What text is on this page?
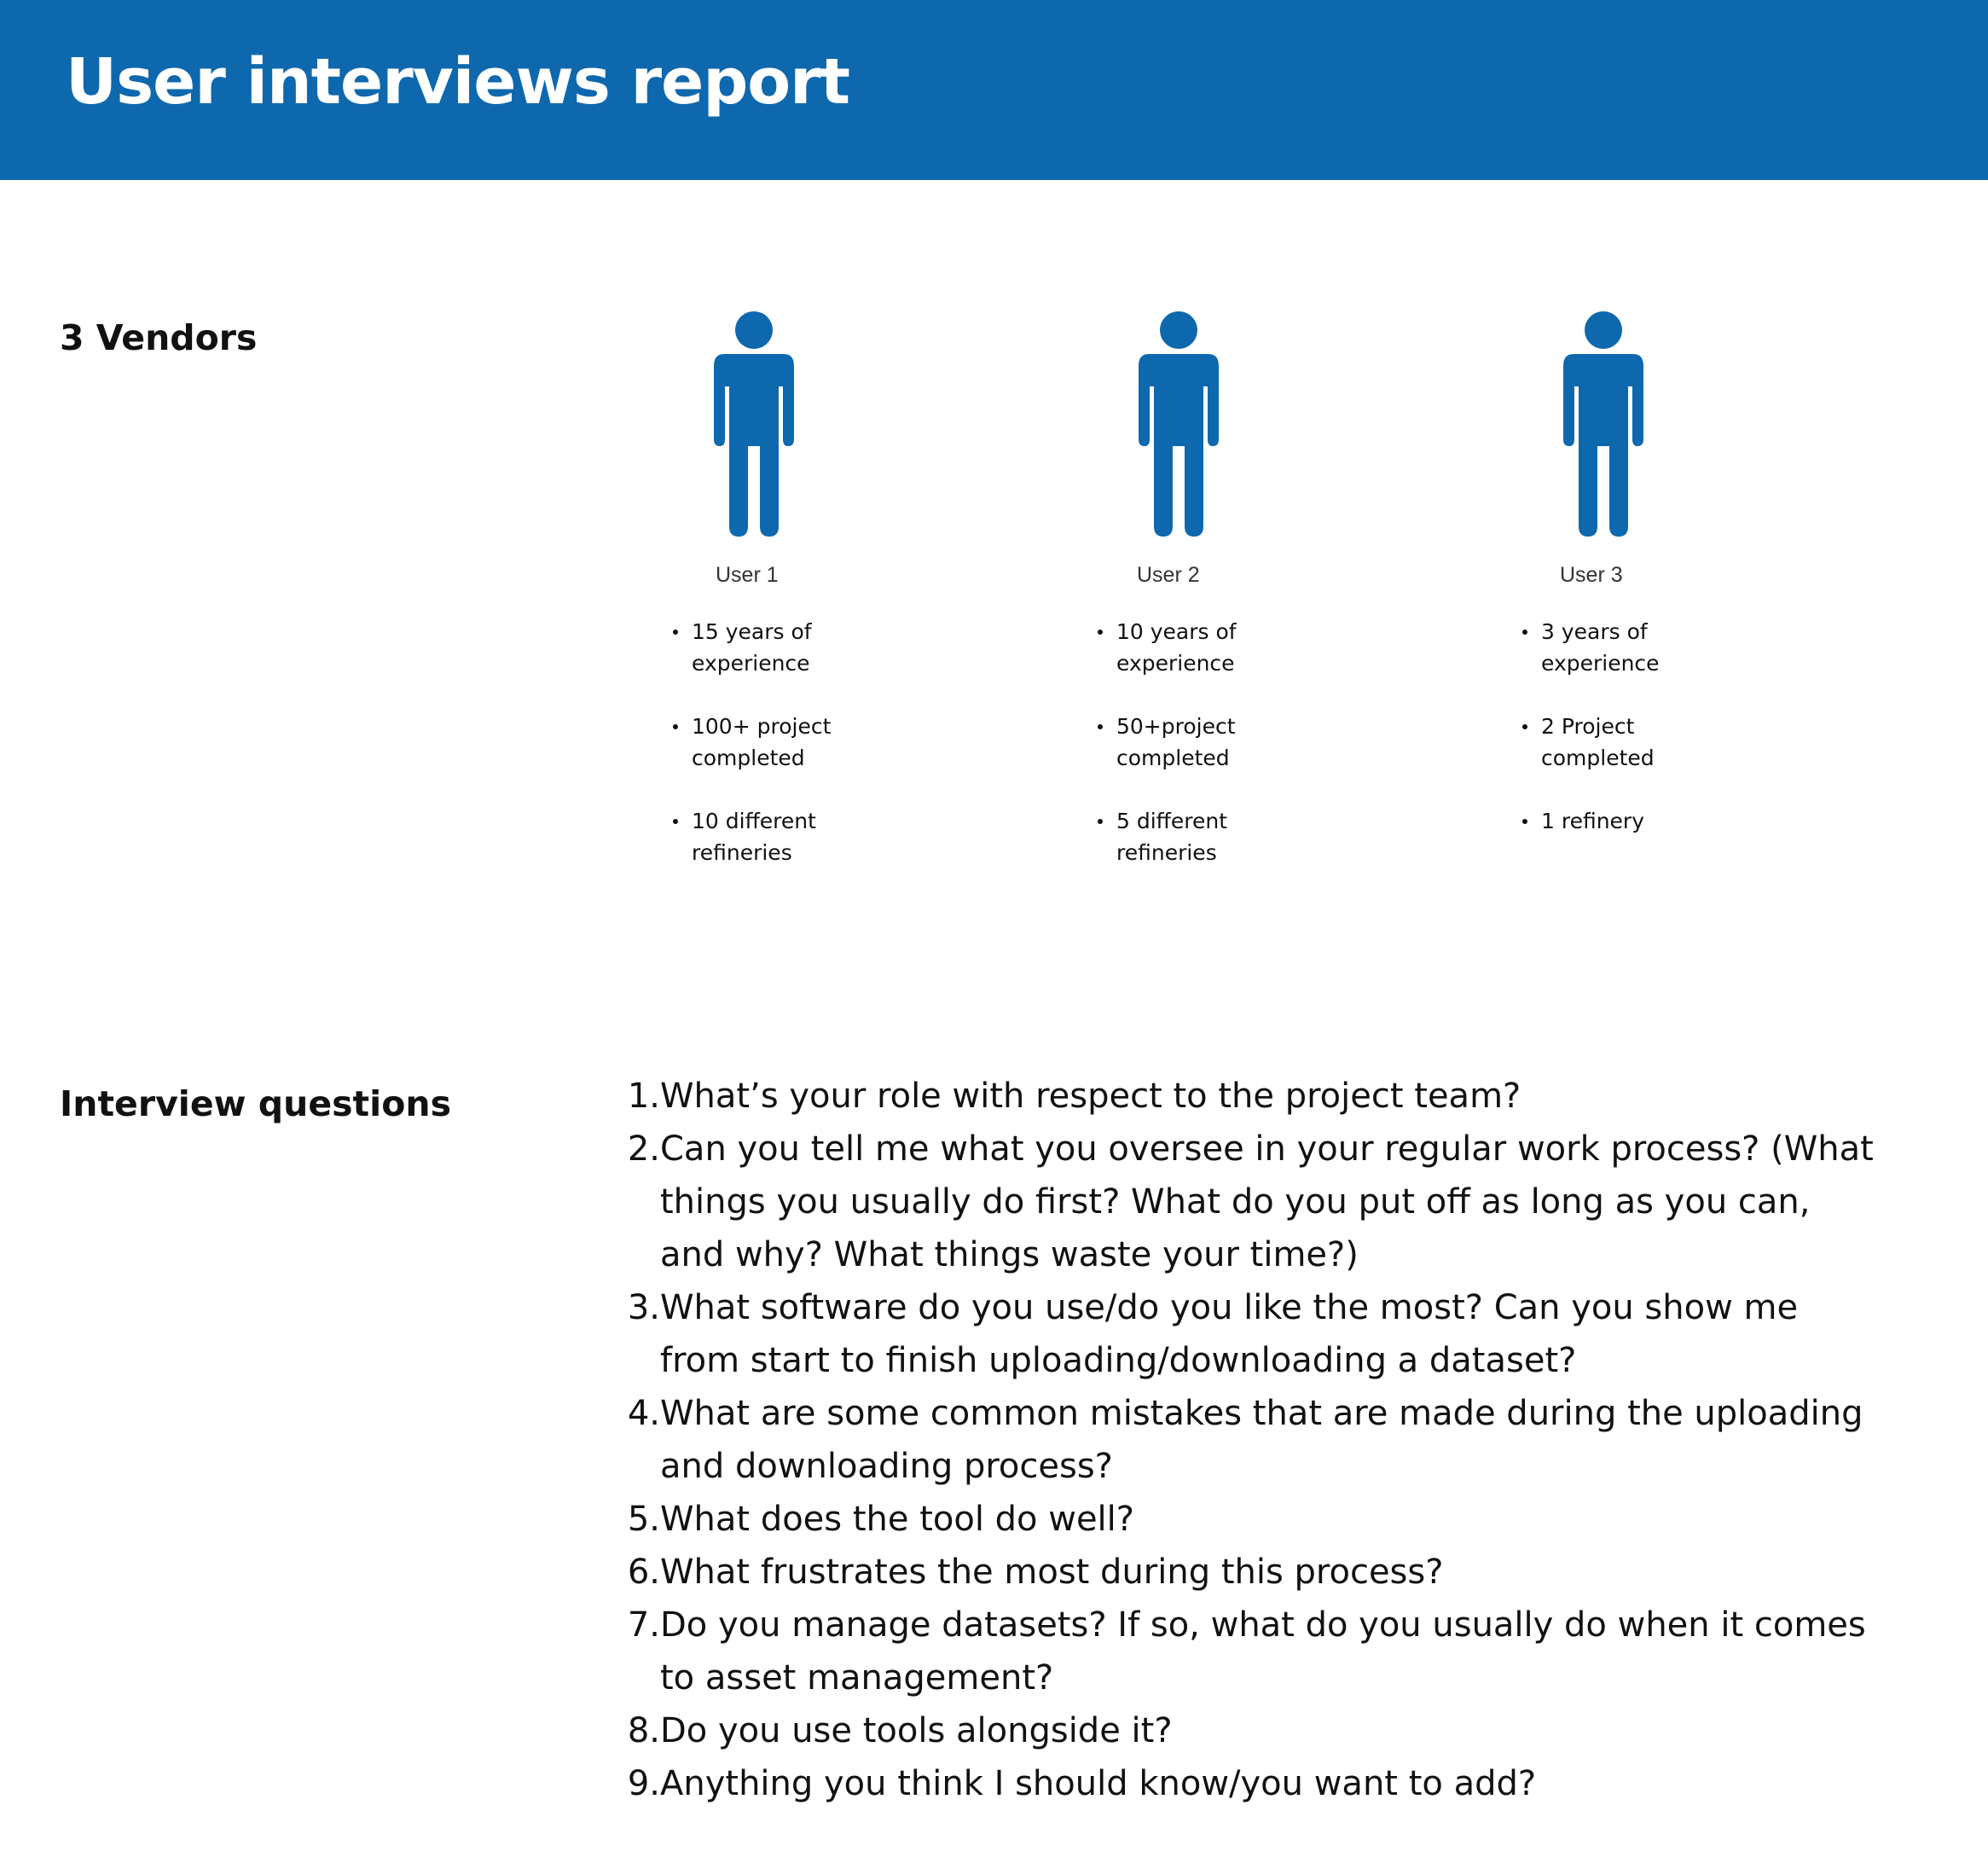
User interviews report
3 Vendors

User 1

15 years of
experience
100+ project
completed
10 different
refineries

User 2

10 years of
experience
50+project
completed
5 different
refineries

User 3

3 years of
experience
2 Project
completed
1 refinery
Interview questions	1. What’s your role with respect to the project team?
2. Can you tell me what you oversee in your regular work process? (What things you usually do first? What do you put off as long as you can, and why? What things waste your time?)
3. What software do you use/do you like the most? Can you show me from start to finish uploading/downloading a dataset?
4. What are some common mistakes that are made during the uploading and downloading process?
5. What does the tool do well?
6. What frustrates the most during this process?
7. Do you manage datasets? If so, what do you usually do when it comes to asset management?
8. Do you use tools alongside it?
9. Anything you think I should know/you want to add?
